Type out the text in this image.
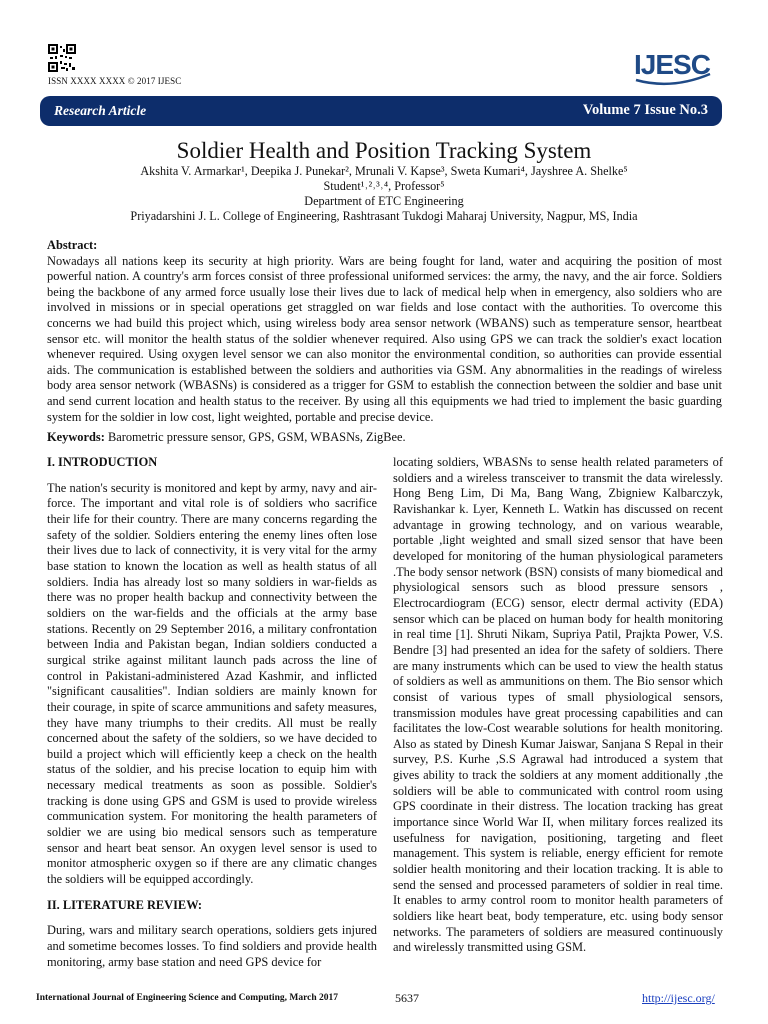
ISSN XXXX XXXX © 2017 IJESC
IJESC
Research Article	Volume 7 Issue No.3
Soldier Health and Position Tracking System
Akshita V. Armarkar¹, Deepika J. Punekar², Mrunali V. Kapse³, Sweta Kumari⁴, Jayshree A. Shelke⁵
Student¹˒²˒³˒⁴, Professor⁵
Department of ETC Engineering
Priyadarshini J. L. College of Engineering, Rashtrasant Tukdogi Maharaj University, Nagpur, MS, India
Abstract:
Nowadays all nations keep its security at high priority. Wars are being fought for land, water and acquiring the position of most powerful nation. A country's arm forces consist of three professional uniformed services: the army, the navy, and the air force. Soldiers being the backbone of any armed force usually lose their lives due to lack of medical help when in emergency, also soldiers who are involved in missions or in special operations get straggled on war fields and lose contact with the authorities. To overcome this concerns we had build this project which, using wireless body area sensor network (WBANS) such as temperature sensor, heartbeat sensor etc. will monitor the health status of the soldier whenever required. Also using GPS we can track the soldier's exact location whenever required. Using oxygen level sensor we can also monitor the environmental condition, so authorities can provide essential aids. The communication is established between the soldiers and authorities via GSM. Any abnormalities in the readings of wireless body area sensor network (WBASNs) is considered as a trigger for GSM to establish the connection between the soldier and base unit and send current location and health status to the receiver. By using all this equipments we had tried to implement the basic guarding system for the soldier in low cost, light weighted, portable and precise device.
Keywords: Barometric pressure sensor, GPS, GSM, WBASNs, ZigBee.
I. INTRODUCTION

The nation's security is monitored and kept by army, navy and air-force. The important and vital role is of soldiers who sacrifice their life for their country. There are many concerns regarding the safety of the soldier. Soldiers entering the enemy lines often lose their lives due to lack of connectivity, it is very vital for the army base station to known the location as well as health status of all soldiers. India has already lost so many soldiers in war-fields as there was no proper health backup and connectivity between the soldiers on the war-fields and the officials at the army base stations. Recently on 29 September 2016, a military confrontation between India and Pakistan began, Indian soldiers conducted a surgical strike against militant launch pads across the line of control in Pakistani-administered Azad Kashmir, and inflicted "significant causalities". Indian soldiers are mainly known for their courage, in spite of scarce ammunitions and safety measures, they have many triumphs to their credits. All must be really concerned about the safety of the soldiers, so we have decided to build a project which will efficiently keep a check on the health status of the soldier, and his precise location to equip him with necessary medical treatments as soon as possible. Soldier's tracking is done using GPS and GSM is used to provide wireless communication system. For monitoring the health parameters of soldier we are using bio medical sensors such as temperature sensor and heart beat sensor. An oxygen level sensor is used to monitor atmospheric oxygen so if there are any climatic changes the soldiers will be equipped accordingly.

II. LITERATURE REVIEW:

During, wars and military search operations, soldiers gets injured and sometime becomes losses. To find soldiers and provide health monitoring, army base station and need GPS device for

locating soldiers, WBASNs to sense health related parameters of soldiers and a wireless transceiver to transmit the data wirelessly. Hong Beng Lim, Di Ma, Bang Wang, Zbigniew Kalbarczyk, Ravishankar k. Lyer, Kenneth L. Watkin has discussed on recent advantage in growing technology, and on various wearable, portable ,light weighted and small sized sensor that have been developed for monitoring of the human physiological parameters .The body sensor network (BSN) consists of many biomedical and physiological sensors such as blood pressure sensors , Electrocardiogram (ECG) sensor, electr dermal activity (EDA) sensor which can be placed on human body for health monitoring in real time [1]. Shruti Nikam, Supriya Patil, Prajkta Power, V.S. Bendre [3] had presented an idea for the safety of soldiers. There are many instruments which can be used to view the health status of soldiers as well as ammunitions on them. The Bio sensor which consist of various types of small physiological sensors, transmission modules have great processing capabilities and can facilitates the low-Cost wearable solutions for health monitoring. Also as stated by Dinesh Kumar Jaiswar, Sanjana S Repal in their survey, P.S. Kurhe ,S.S Agrawal had introduced a system that gives ability to track the soldiers at any moment additionally ,the soldiers will be able to communicated with control room using GPS coordinate in their distress. The location tracking has great importance since World War II, when military forces realized its usefulness for navigation, positioning, targeting and fleet management. This system is reliable, energy efficient for remote soldier health monitoring and their location tracking. It is able to send the sensed and processed parameters of soldier in real time. It enables to army control room to monitor health parameters of soldiers like heart beat, body temperature, etc. using body sensor networks. The parameters of soldiers are measured continuously and wirelessly transmitted using GSM.

International Journal of Engineering Science and Computing, March 2017	5637	http://ijesc.org/
